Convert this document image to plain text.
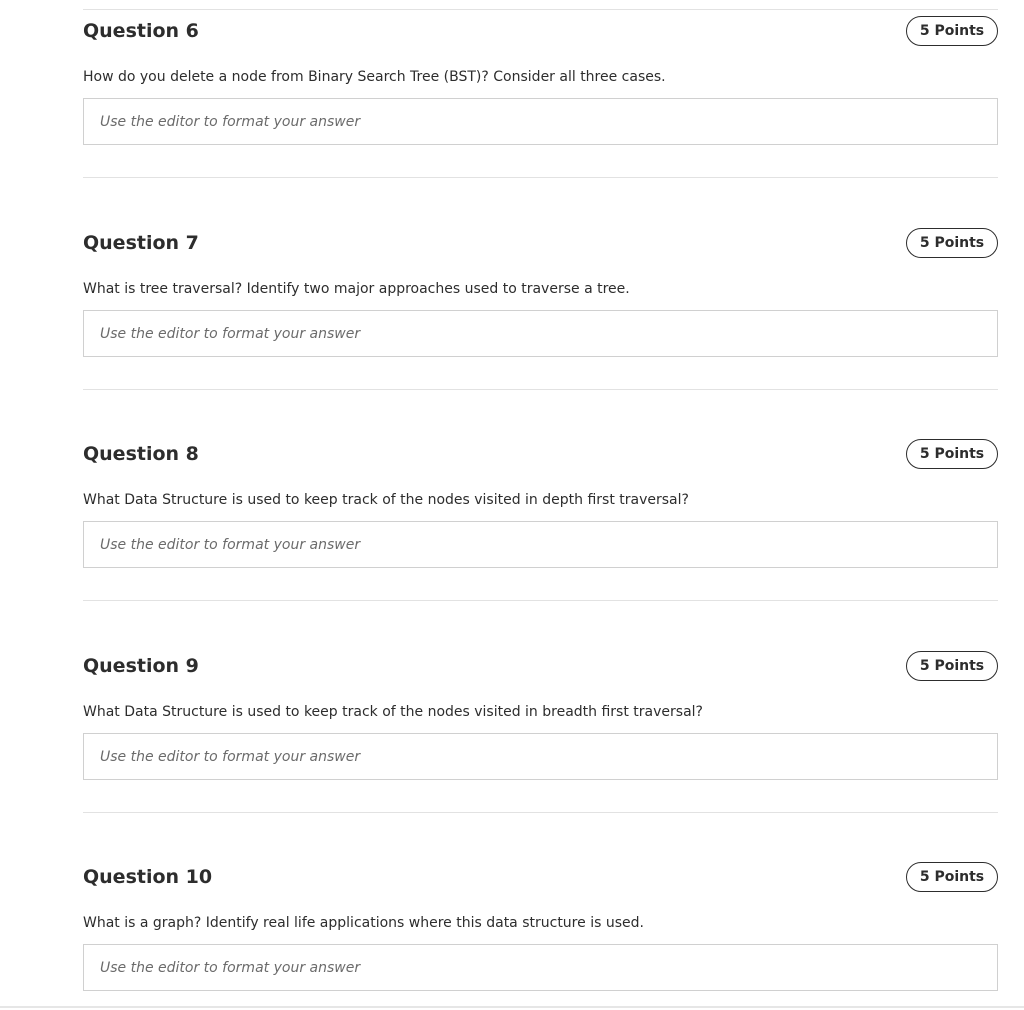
Question 6	5 Points
How do you delete a node from Binary Search Tree (BST)? Consider all three cases.
Use the editor to format your answer
Question 7	5 Points
What is tree traversal? Identify two major approaches used to traverse a tree.
Use the editor to format your answer
Question 8	5 Points
What Data Structure is used to keep track of the nodes visited in depth first traversal?
Use the editor to format your answer
Question 9	5 Points
What Data Structure is used to keep track of the nodes visited in breadth first traversal?
Use the editor to format your answer
Question 10	5 Points
What is a graph? Identify real life applications where this data structure is used.
Use the editor to format your answer
